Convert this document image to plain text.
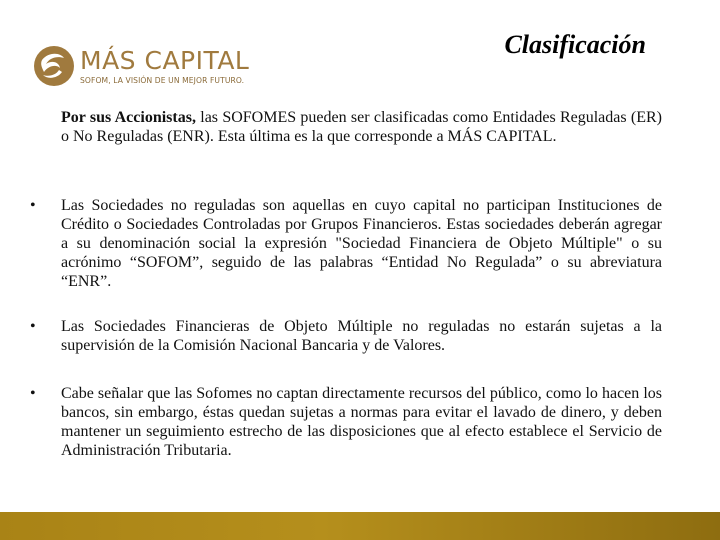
MÁS CAPITAL
SOFOM, LA VISIÓN DE UN MEJOR FUTURO.
Clasificación
Por sus Accionistas, las SOFOMES pueden ser clasificadas como Entidades Reguladas (ER) o No Reguladas (ENR). Esta última es la que corresponde a MÁS CAPITAL.
• Las Sociedades no reguladas son aquellas en cuyo capital no participan Instituciones de Crédito o Sociedades Controladas por Grupos Financieros. Estas sociedades deberán agregar a su denominación social la expresión "Sociedad Financiera de Objeto Múltiple" o su acrónimo “SOFOM”, seguido de las palabras “Entidad No Regulada” o su abreviatura “ENR”.
• Las Sociedades Financieras de Objeto Múltiple no reguladas no estarán sujetas a la supervisión de la Comisión Nacional Bancaria y de Valores.
• Cabe señalar que las Sofomes no captan directamente recursos del público, como lo hacen los bancos, sin embargo, éstas quedan sujetas a normas para evitar el lavado de dinero, y deben mantener un seguimiento estrecho de las disposiciones que al efecto establece el Servicio de Administración Tributaria.
